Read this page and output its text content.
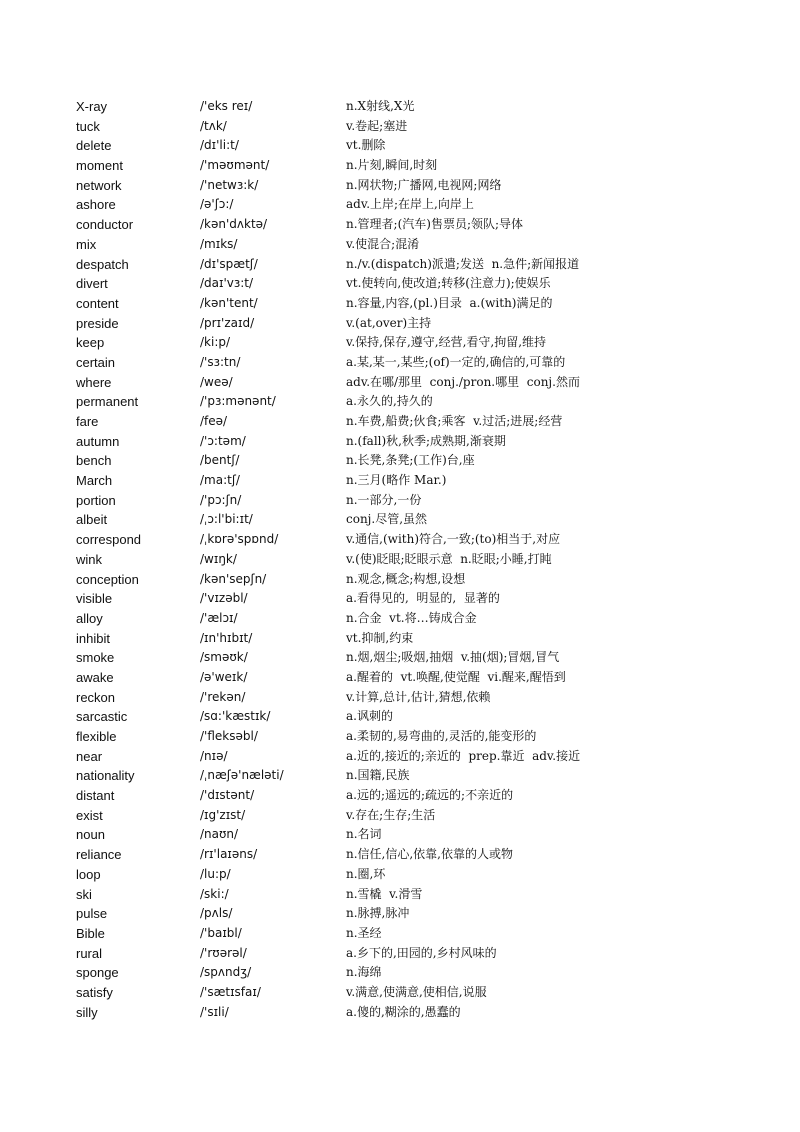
X-ray	/'eks reɪ/	n.X射线,X光
tuck	/tʌk/	v.卷起;塞进
delete	/dɪ'li:t/	vt.删除
moment	/'məʊmənt/	n.片刻,瞬间,时刻
network	/'netwɜ:k/	n.网状物;广播网,电视网;网络
ashore	/ə'ʃɔ:/	adv.上岸;在岸上,向岸上
conductor	/kən'dʌktə/	n.管理者;(汽车)售票员;领队;导体
mix	/mɪks/	v.使混合;混淆
despatch	/dɪ'spætʃ/	n./v.(dispatch)派遣;发送  n.急件;新闻报道
divert	/daɪ'vɜ:t/	vt.使转向,使改道;转移(注意力);使娱乐
content	/kən'tent/	n.容量,内容,(pl.)目录  a.(with)满足的
preside	/prɪ'zaɪd/	v.(at,over)主持
keep	/ki:p/	v.保持,保存,遵守,经营,看守,拘留,维持
certain	/'sɜ:tn/	a.某,某一,某些;(of)一定的,确信的,可靠的
where	/weə/	adv.在哪/那里  conj./pron.哪里  conj.然而
permanent	/'pɜ:mənənt/	a.永久的,持久的
fare	/feə/	n.车费,船费;伙食;乘客  v.过活;进展;经营
autumn	/'ɔ:təm/	n.(fall)秋,秋季;成熟期,渐衰期
bench	/bentʃ/	n.长凳,条凳;(工作)台,座
March	/ma:tʃ/	n.三月(略作 Mar.)
portion	/'pɔ:ʃn/	n.一部分,一份
albeit	/ˌɔ:l'bi:ɪt/	conj.尽管,虽然
correspond	/ˌkɒrə'spɒnd/	v.通信,(with)符合,一致;(to)相当于,对应
wink	/wɪŋk/	v.(使)眨眼;眨眼示意  n.眨眼;小睡,打盹
conception	/kən'sepʃn/	n.观念,概念;构想,设想
visible	/'vɪzəbl/	a.看得见的,  明显的,  显著的
alloy	/'ælɔɪ/	n.合金  vt.将…铸成合金
inhibit	/ɪn'hɪbɪt/	vt.抑制,约束
smoke	/sməʊk/	n.烟,烟尘;吸烟,抽烟  v.抽(烟);冒烟,冒气
awake	/ə'weɪk/	a.醒着的  vt.唤醒,使觉醒  vi.醒来,醒悟到
reckon	/'rekən/	v.计算,总计,估计,猜想,依赖
sarcastic	/sɑ:'kæstɪk/	a.讽刺的
flexible	/'fleksəbl/	a.柔韧的,易弯曲的,灵活的,能变形的
near	/nɪə/	a.近的,接近的;亲近的  prep.靠近  adv.接近
nationality	/ˌnæʃə'næləti/	n.国籍,民族
distant	/'dɪstənt/	a.远的;遥远的;疏远的;不亲近的
exist	/ɪg'zɪst/	v.存在;生存;生活
noun	/naʊn/	n.名词
reliance	/rɪ'laɪəns/	n.信任,信心,依靠,依靠的人或物
loop	/lu:p/	n.圈,环
ski	/ski:/	n.雪橇  v.滑雪
pulse	/pʌls/	n.脉搏,脉冲
Bible	/'baɪbl/	n.圣经
rural	/'rʊərəl/	a.乡下的,田园的,乡村风味的
sponge	/spʌndʒ/	n.海绵
satisfy	/'sætɪsfaɪ/	v.满意,使满意,使相信,说服
silly	/'sɪli/	a.傻的,糊涂的,愚蠢的
